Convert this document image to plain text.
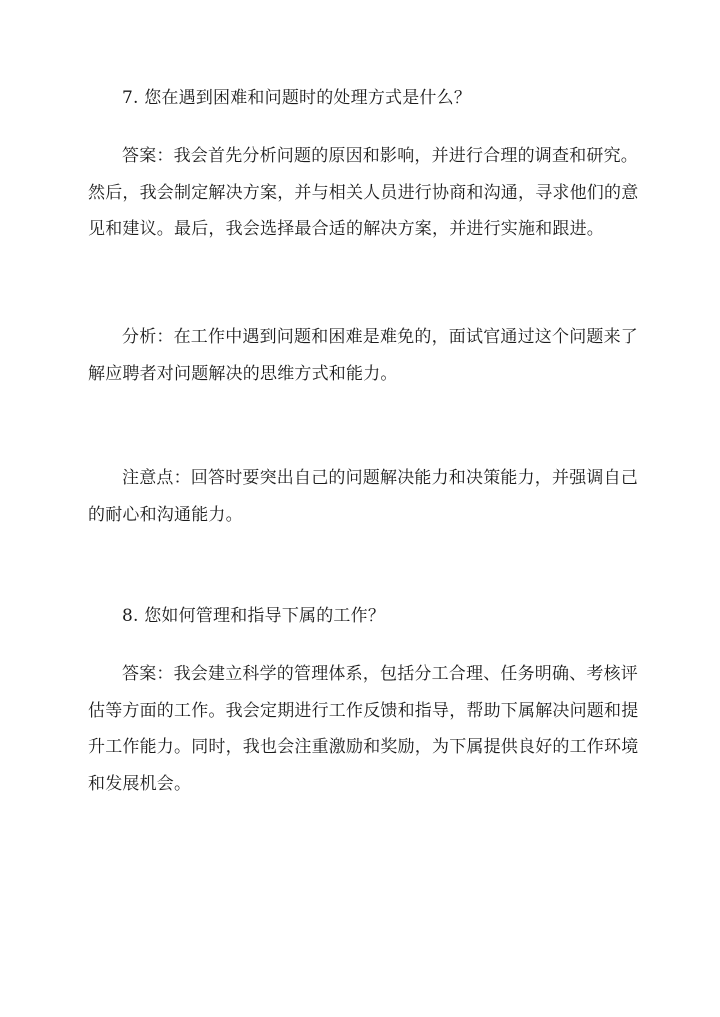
7. 您在遇到困难和问题时的处理方式是什么？

答案：我会首先分析问题的原因和影响，并进行合理的调查和研究。
然后，我会制定解决方案，并与相关人员进行协商和沟通，寻求他们的意
见和建议。最后，我会选择最合适的解决方案，并进行实施和跟进。

分析：在工作中遇到问题和困难是难免的，面试官通过这个问题来了
解应聘者对问题解决的思维方式和能力。

注意点：回答时要突出自己的问题解决能力和决策能力，并强调自己
的耐心和沟通能力。

8. 您如何管理和指导下属的工作？

答案：我会建立科学的管理体系，包括分工合理、任务明确、考核评
估等方面的工作。我会定期进行工作反馈和指导，帮助下属解决问题和提
升工作能力。同时，我也会注重激励和奖励，为下属提供良好的工作环境
和发展机会。
